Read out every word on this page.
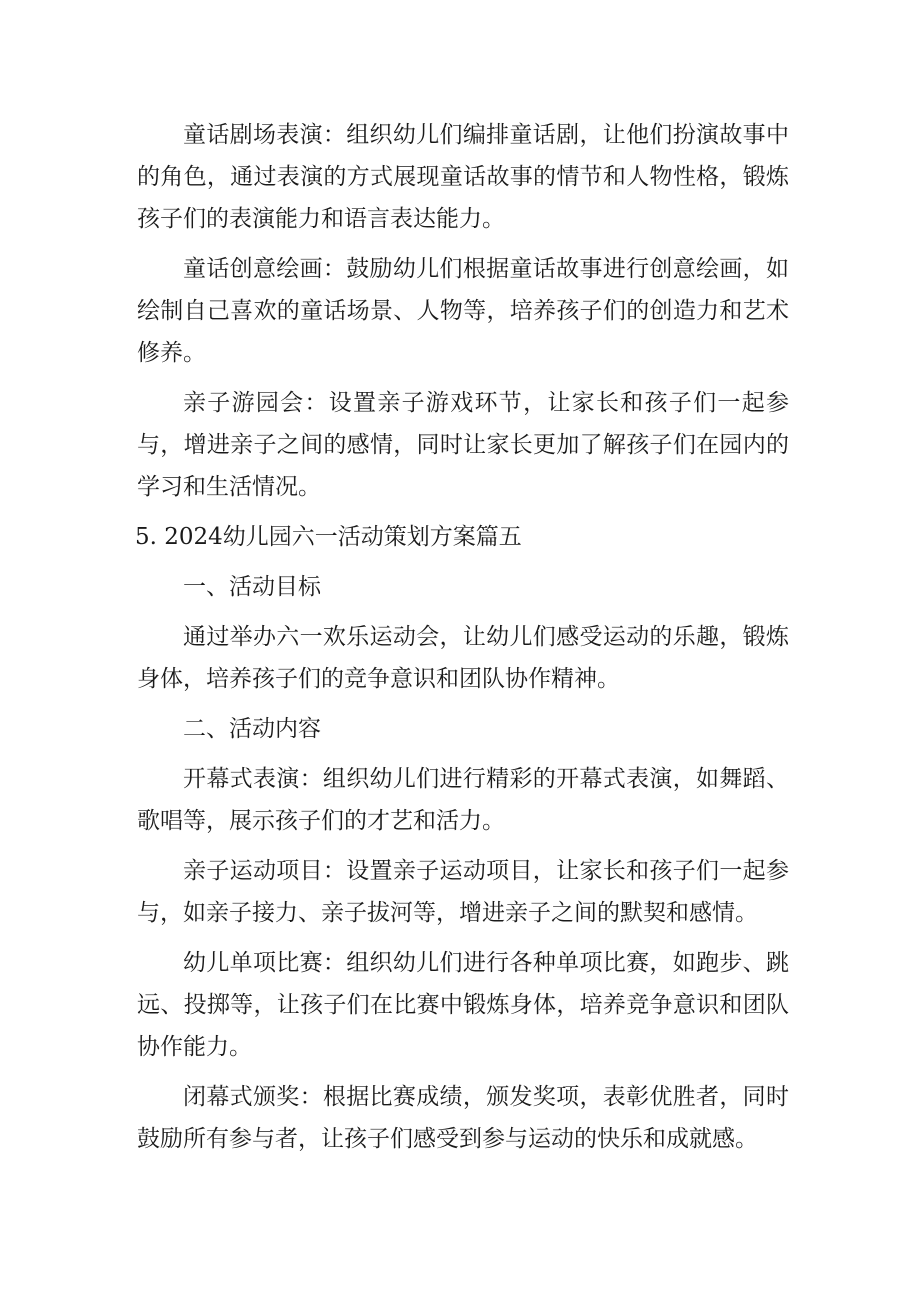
童话剧场表演：组织幼儿们编排童话剧，让他们扮演故事中的角色，通过表演的方式展现童话故事的情节和人物性格，锻炼孩子们的表演能力和语言表达能力。

童话创意绘画：鼓励幼儿们根据童话故事进行创意绘画，如绘制自己喜欢的童话场景、人物等，培养孩子们的创造力和艺术修养。

亲子游园会：设置亲子游戏环节，让家长和孩子们一起参与，增进亲子之间的感情，同时让家长更加了解孩子们在园内的学习和生活情况。

5. 2024幼儿园六一活动策划方案篇五

一、活动目标

通过举办六一欢乐运动会，让幼儿们感受运动的乐趣，锻炼身体，培养孩子们的竞争意识和团队协作精神。

二、活动内容

开幕式表演：组织幼儿们进行精彩的开幕式表演，如舞蹈、歌唱等，展示孩子们的才艺和活力。

亲子运动项目：设置亲子运动项目，让家长和孩子们一起参与，如亲子接力、亲子拔河等，增进亲子之间的默契和感情。

幼儿单项比赛：组织幼儿们进行各种单项比赛，如跑步、跳远、投掷等，让孩子们在比赛中锻炼身体，培养竞争意识和团队协作能力。

闭幕式颁奖：根据比赛成绩，颁发奖项，表彰优胜者，同时鼓励所有参与者，让孩子们感受到参与运动的快乐和成就感。
